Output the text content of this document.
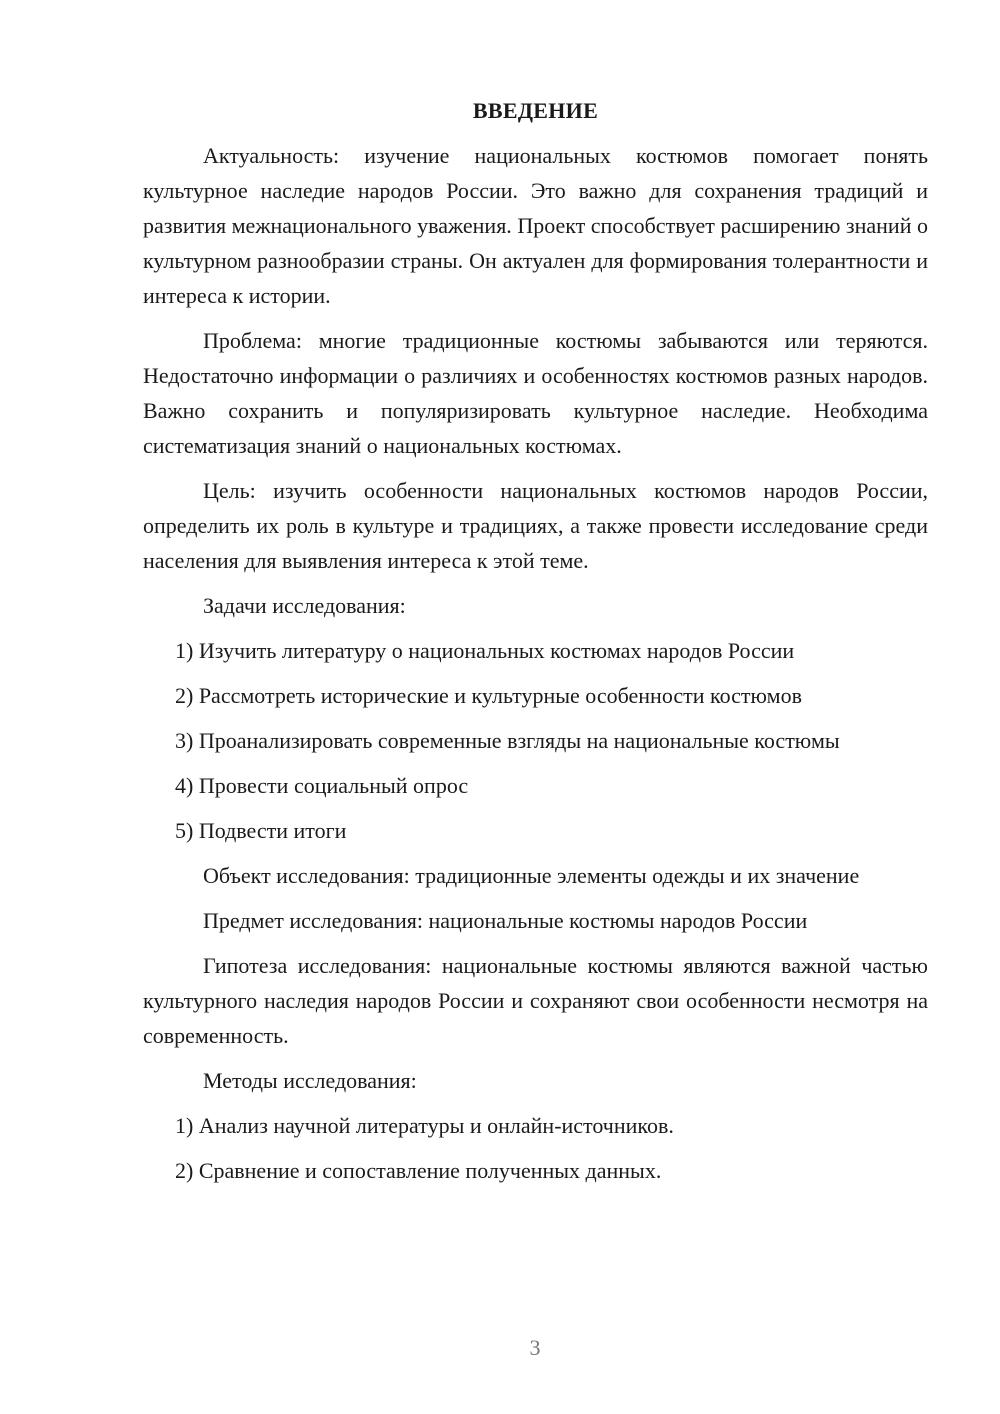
ВВЕДЕНИЕ

Актуальность: изучение национальных костюмов помогает понять культурное наследие народов России. Это важно для сохранения традиций и развития межнационального уважения. Проект способствует расширению знаний о культурном разнообразии страны. Он актуален для формирования толерантности и интереса к истории.

Проблема: многие традиционные костюмы забываются или теряются. Недостаточно информации о различиях и особенностях костюмов разных народов. Важно сохранить и популяризировать культурное наследие. Необходима систематизация знаний о национальных костюмах.

Цель: изучить особенности национальных костюмов народов России, определить их роль в культуре и традициях, а также провести исследование среди населения для выявления интереса к этой теме.

Задачи исследования:

1) Изучить литературу о национальных костюмах народов России

2) Рассмотреть исторические и культурные особенности костюмов

3) Проанализировать современные взгляды на национальные костюмы

4) Провести социальный опрос

5) Подвести итоги

Объект исследования: традиционные элементы одежды и их значение

Предмет исследования: национальные костюмы народов России

Гипотеза исследования: национальные костюмы являются важной частью культурного наследия народов России и сохраняют свои особенности несмотря на современность.

Методы исследования:

1) Анализ научной литературы и онлайн-источников.

2) Сравнение и сопоставление полученных данных.

3
